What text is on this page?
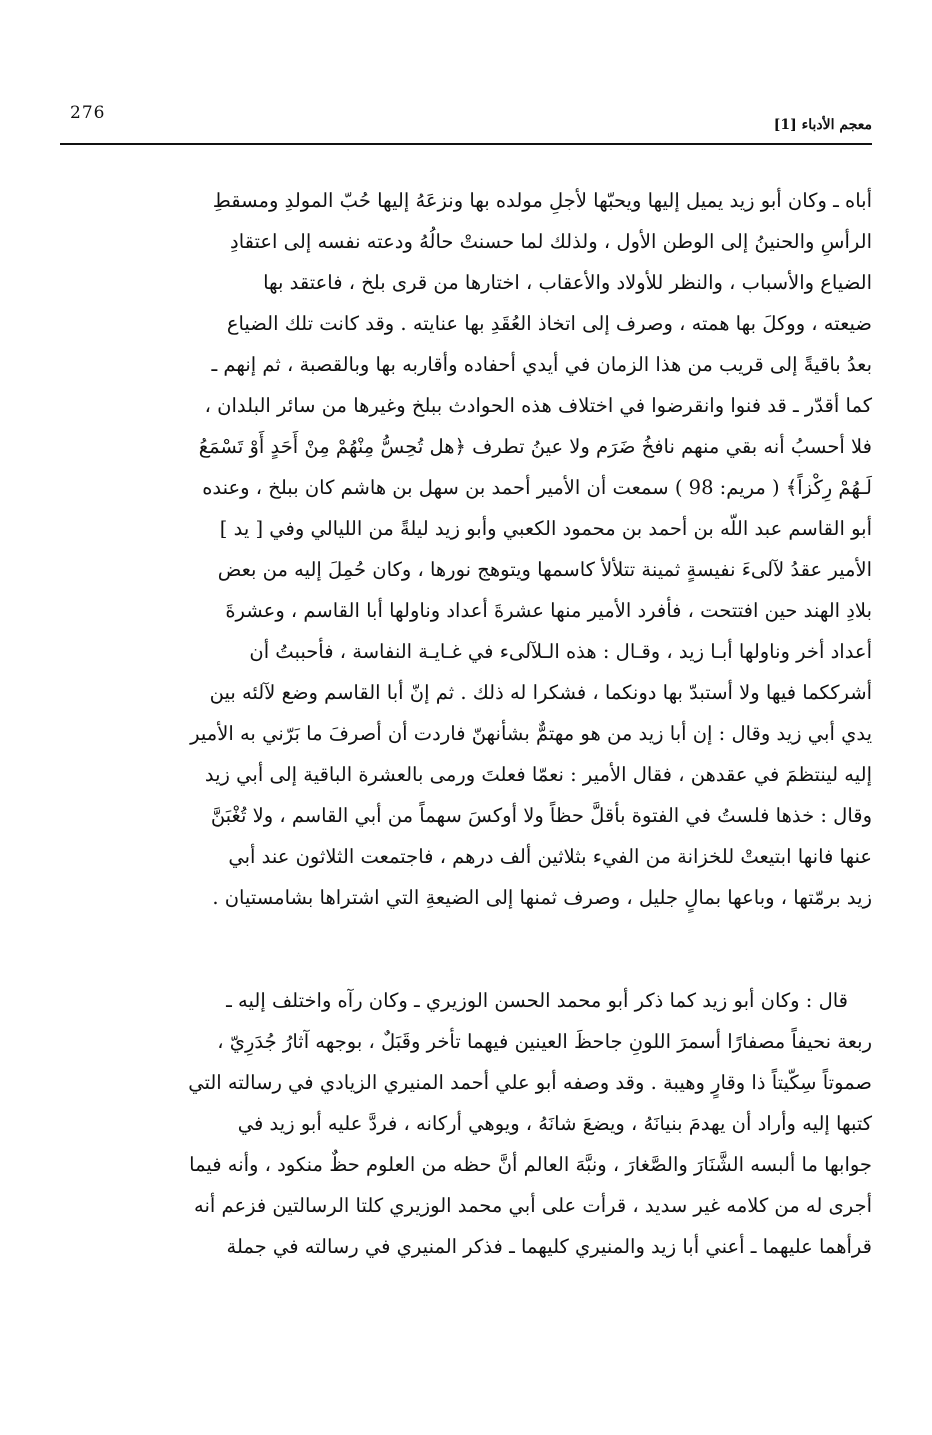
276
معجم الأدباء [1]
أباه ـ وكان أبو زيد يميل إليها ويحبّها لأجلِ مولده بها ونزعَهُ إليها حُبّ المولدِ ومسقطِ
الرأسِ والحنينُ إلى الوطن الأول ، ولذلك لما حسنتْ حالُهُ ودعته نفسه إلى اعتقادِ
الضياع والأسباب ، والنظر للأولاد والأعقاب ، اختارها من قرى بلخ ، فاعتقد بها
ضيعته ، ووكلَ بها همته ، وصرف إلى اتخاذ العُقَدِ بها عنايته . وقد كانت تلك الضياع
بعدُ باقيةً إلى قريب من هذا الزمان في أيدي أحفاده وأقاربه بها وبالقصبة ، ثم إنهم ـ
كما أقدّر ـ قد فنوا وانقرضوا في اختلاف هذه الحوادث ببلخ وغيرها من سائر البلدان ،
فلا أحسبُ أنه بقي منهم نافخُ ضَرَم ولا عينُ تطرف ﴿هل تُحِسُّ مِنْهُمْ مِنْ أَحَدٍ أَوْ تَسْمَعُ
لَـهُمْ رِكْزاً﴾ ( مريم: 98 ) سمعت أن الأمير أحمد بن سهل بن هاشم كان ببلخ ، وعنده
أبو القاسم عبد اللّه بن أحمد بن محمود الكعبي وأبو زيد ليلةً من الليالي وفي [ يد ]
الأمير عقدُ لآلىءَ نفيسةٍ ثمينة تتلألأ كاسمها ويتوهج نورها ، وكان حُمِلَ إليه من بعض
بلادِ الهند حين افتتحت ، فأفرد الأمير منها عشرةَ أعداد وناولها أبا القاسم ، وعشرةَ
أعداد أخر وناولها أبـا زيد ، وقـال : هذه الـلآلىء في غـايـة النفاسة ، فأحببتُ أن
أشرككما فيها ولا أستبدّ بها دونكما ، فشكرا له ذلك . ثم إنّ أبا القاسم وضع لآلئه بين
يدي أبي زيد وقال : إن أبا زيد من هو مهتمٌّ بشأنهنّ فاردت أن أصرفَ ما بَرّني به الأمير
إليه لينتظمَ في عقدهن ، فقال الأمير : نعمّا فعلتَ ورمى بالعشرة الباقية إلى أبي زيد
وقال : خذها فلستُ في الفتوة بأقلَّ حظاً ولا أوكسَ سهماً من أبي القاسم ، ولا تُغْبَنَّ
عنها فانها ابتيعتْ للخزانة من الفيء بثلاثين ألف درهم ، فاجتمعت الثلاثون عند أبي
زيد برمّتها ، وباعها بمالٍ جليل ، وصرف ثمنها إلى الضيعةِ التي اشتراها بشامستيان .
قال : وكان أبو زيد كما ذكر أبو محمد الحسن الوزيري ـ وكان رآه واختلف إليه ـ
ربعة نحيفاً مصفارًا أسمرَ اللونِ جاحظَ العينين فيهما تأخر وقَبَلٌ ، بوجهه آثارُ جُدَرِيّ ،
صموتاً سِكّيتاً ذا وقارٍ وهيبة . وقد وصفه أبو علي أحمد المنيري الزيادي في رسالته التي
كتبها إليه وأراد أن يهدمَ بنيانَهُ ، ويضعَ شانَهُ ، ويوهي أركانه ، فردَّ عليه أبو زيد في
جوابها ما ألبسه الشَّنَارَ والصَّغارَ ، ونبَّهَ العالم أنَّ حظه من العلوم حظٌ منكود ، وأنه فيما
أجرى له من كلامه غير سديد ، قرأت على أبي محمد الوزيري كلتا الرسالتين فزعم أنه
قرأهما عليهما ـ أعني أبا زيد والمنيري كليهما ـ فذكر المنيري في رسالته في جملة
